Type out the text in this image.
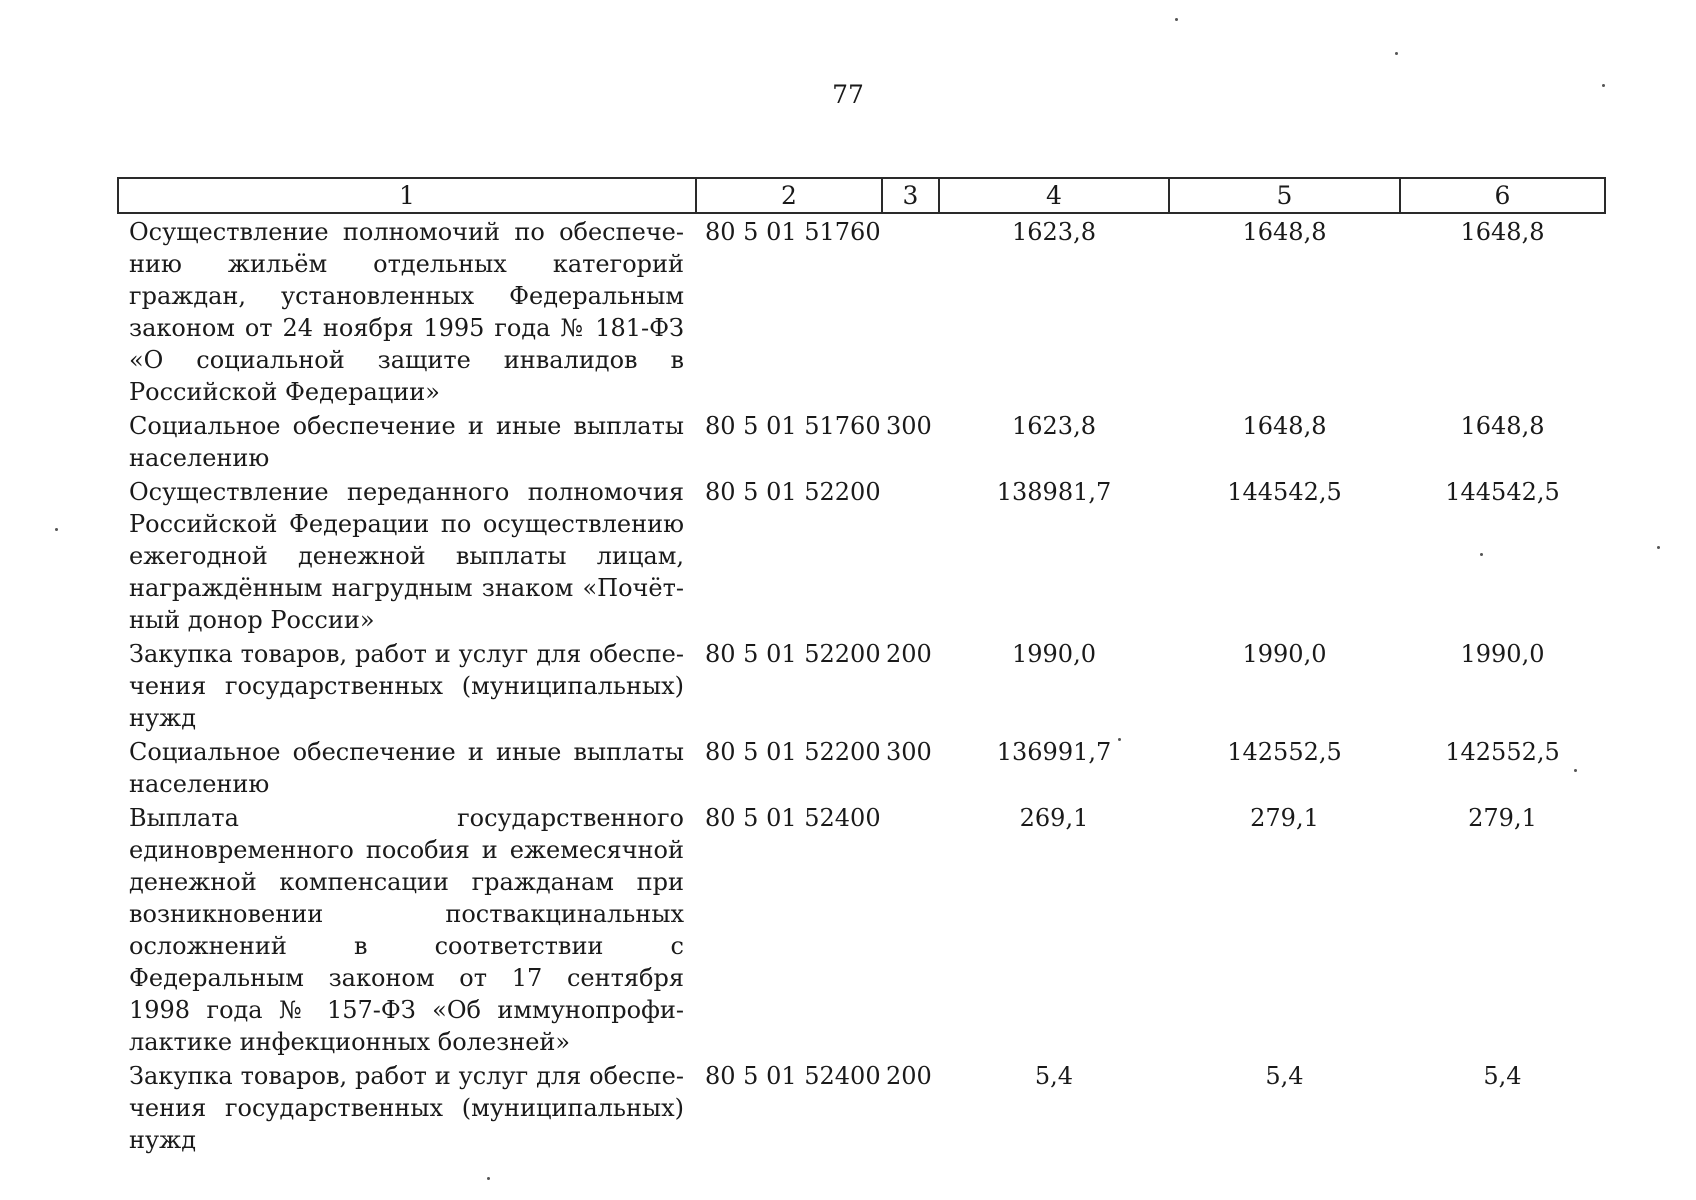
77
1	2	3	4	5	6
Осуществление полномочий по обеспечению жильём отдельных категорий граждан, установленных Федеральным законом от 24 ноября 1995 года № 181-ФЗ «О социальной защите инвалидов в Российской Федерации»	80 5 01 51760		1623,8	1648,8	1648,8
Социальное обеспечение и иные выплаты населению	80 5 01 51760	300	1623,8	1648,8	1648,8
Осуществление переданного полномочия Российской Федерации по осуществлению ежегодной денежной выплаты лицам, награждённым нагрудным знаком «Почётный донор России»	80 5 01 52200		138981,7	144542,5	144542,5
Закупка товаров, работ и услуг для обеспечения государственных (муниципальных) нужд	80 5 01 52200	200	1990,0	1990,0	1990,0
Социальное обеспечение и иные выплаты населению	80 5 01 52200	300	136991,7	142552,5	142552,5
Выплата государственного единовременного пособия и ежемесячной денежной компенсации гражданам при возникновении поствакцинальных осложнений в соответствии с Федеральным законом от 17 сентября 1998 года № 157-ФЗ «Об иммунопрофилактике инфекционных болезней»	80 5 01 52400		269,1	279,1	279,1
Закупка товаров, работ и услуг для обеспечения государственных (муниципальных) нужд	80 5 01 52400	200	5,4	5,4	5,4
